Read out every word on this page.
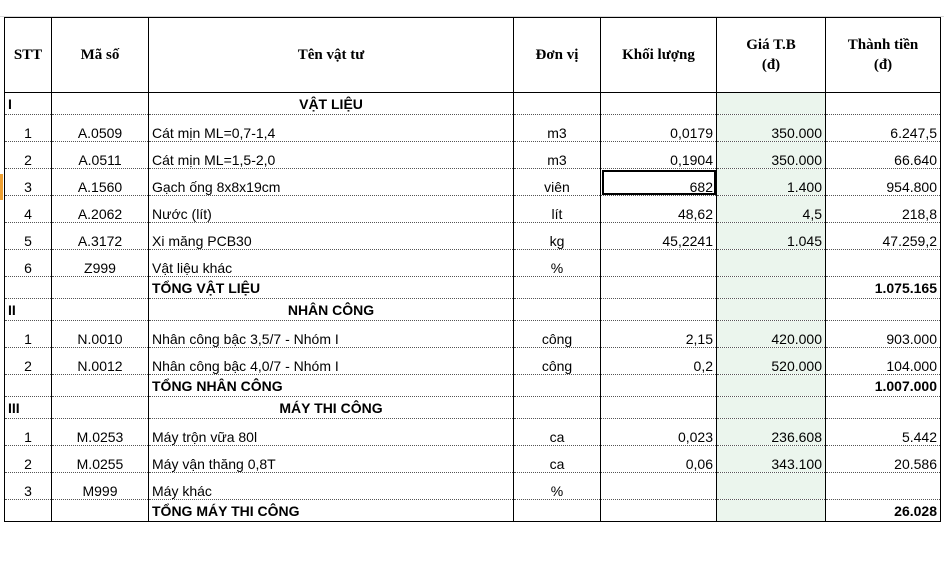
STT	Mã số	Tên vật tư	Đơn vị	Khối lượng	Giá T.B (đ)	Thành tiền (đ)
I		VẬT LIỆU				
1	A.0509	Cát mịn ML=0,7-1,4	m3	0,0179	350.000	6.247,5
2	A.0511	Cát mịn ML=1,5-2,0	m3	0,1904	350.000	66.640
3	A.1560	Gạch ống 8x8x19cm	viên	682	1.400	954.800
4	A.2062	Nước (lít)	lít	48,62	4,5	218,8
5	A.3172	Xi măng PCB30	kg	45,2241	1.045	47.259,2
6	Z999	Vật liệu khác	%			
		TỔNG VẬT LIỆU				1.075.165
II		NHÂN CÔNG				
1	N.0010	Nhân công bậc 3,5/7 - Nhóm I	công	2,15	420.000	903.000
2	N.0012	Nhân công bậc 4,0/7 - Nhóm I	công	0,2	520.000	104.000
		TỔNG NHÂN CÔNG				1.007.000
III		MÁY THI CÔNG				
1	M.0253	Máy trộn vữa 80l	ca	0,023	236.608	5.442
2	M.0255	Máy vận thăng 0,8T	ca	0,06	343.100	20.586
3	M999	Máy khác	%			
		TỔNG MÁY THI CÔNG				26.028
